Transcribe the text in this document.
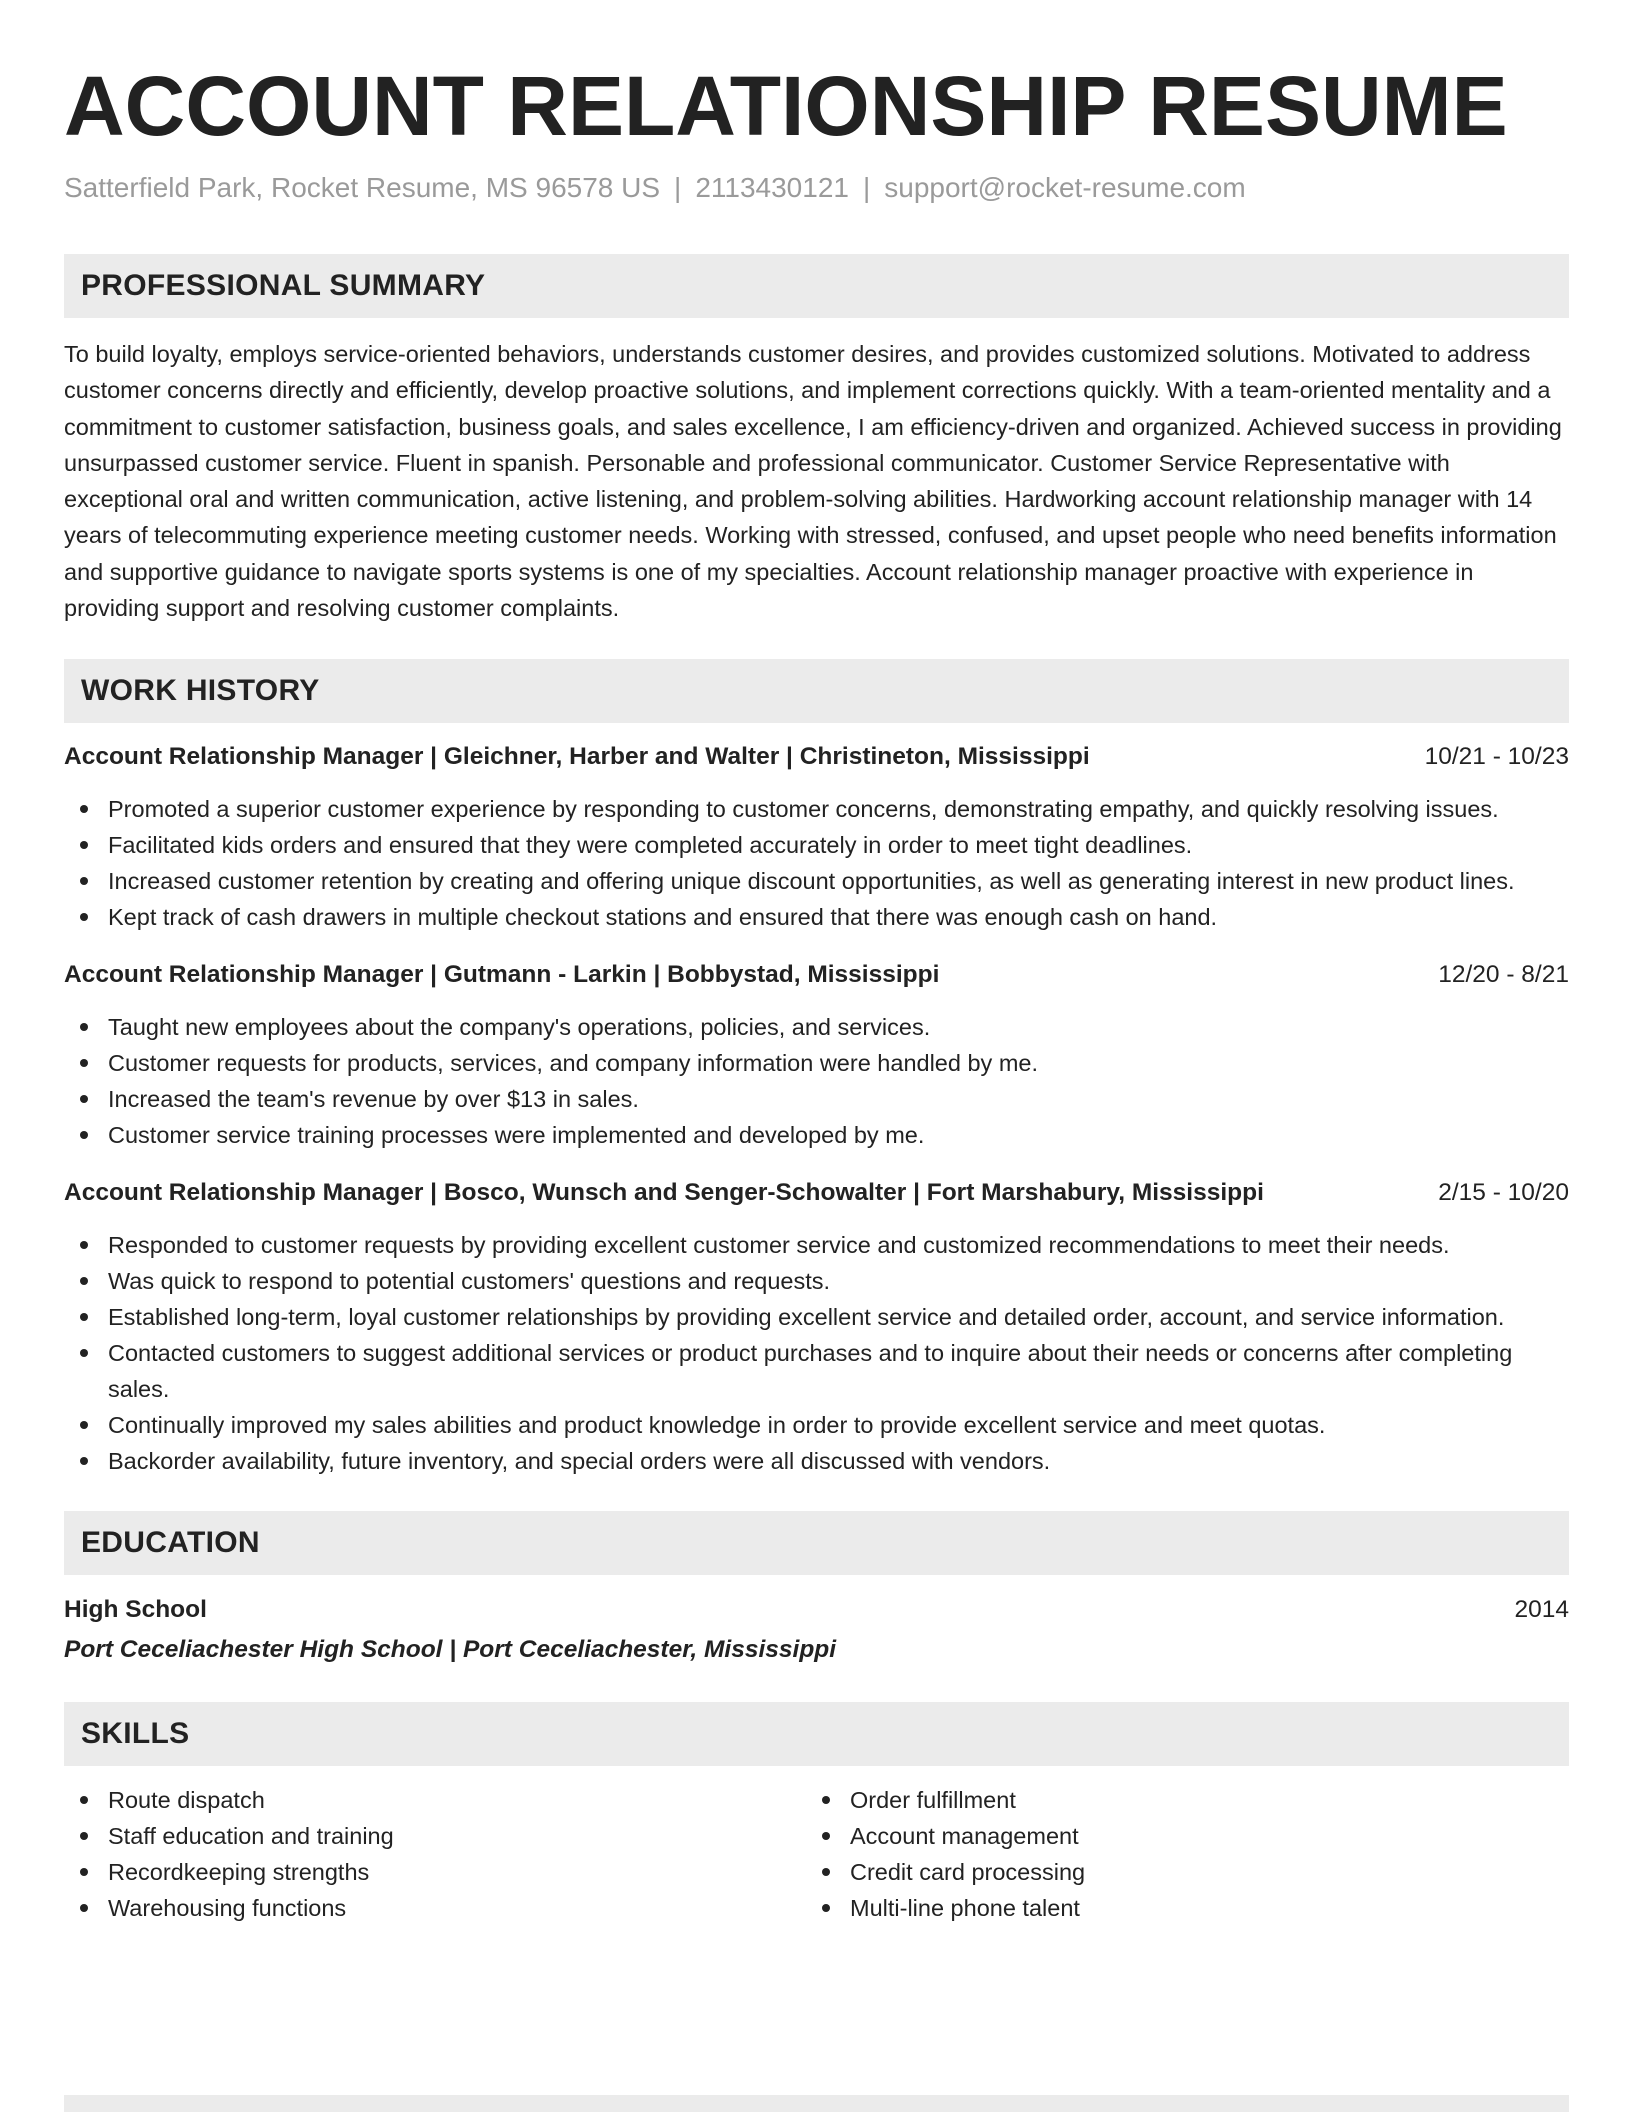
ACCOUNT RELATIONSHIP RESUME
Satterfield Park, Rocket Resume, MS 96578 US | 2113430121 | support@rocket-resume.com
PROFESSIONAL SUMMARY
To build loyalty, employs service-oriented behaviors, understands customer desires, and provides customized solutions. Motivated to address customer concerns directly and efficiently, develop proactive solutions, and implement corrections quickly. With a team-oriented mentality and a commitment to customer satisfaction, business goals, and sales excellence, I am efficiency-driven and organized. Achieved success in providing unsurpassed customer service. Fluent in spanish. Personable and professional communicator. Customer Service Representative with exceptional oral and written communication, active listening, and problem-solving abilities. Hardworking account relationship manager with 14 years of telecommuting experience meeting customer needs. Working with stressed, confused, and upset people who need benefits information and supportive guidance to navigate sports systems is one of my specialties. Account relationship manager proactive with experience in providing support and resolving customer complaints.
WORK HISTORY
Account Relationship Manager | Gleichner, Harber and Walter | Christineton, Mississippi	10/21 - 10/23
Promoted a superior customer experience by responding to customer concerns, demonstrating empathy, and quickly resolving issues.
Facilitated kids orders and ensured that they were completed accurately in order to meet tight deadlines.
Increased customer retention by creating and offering unique discount opportunities, as well as generating interest in new product lines.
Kept track of cash drawers in multiple checkout stations and ensured that there was enough cash on hand.
Account Relationship Manager | Gutmann - Larkin | Bobbystad, Mississippi	12/20 - 8/21
Taught new employees about the company's operations, policies, and services.
Customer requests for products, services, and company information were handled by me.
Increased the team's revenue by over $13 in sales.
Customer service training processes were implemented and developed by me.
Account Relationship Manager | Bosco, Wunsch and Senger-Schowalter | Fort Marshabury, Mississippi	2/15 - 10/20
Responded to customer requests by providing excellent customer service and customized recommendations to meet their needs.
Was quick to respond to potential customers' questions and requests.
Established long-term, loyal customer relationships by providing excellent service and detailed order, account, and service information.
Contacted customers to suggest additional services or product purchases and to inquire about their needs or concerns after completing sales.
Continually improved my sales abilities and product knowledge in order to provide excellent service and meet quotas.
Backorder availability, future inventory, and special orders were all discussed with vendors.
EDUCATION
High School	2014
Port Ceceliachester High School | Port Ceceliachester, Mississippi
SKILLS
Route dispatch
Staff education and training
Recordkeeping strengths
Warehousing functions
Order fulfillment
Account management
Credit card processing
Multi-line phone talent
